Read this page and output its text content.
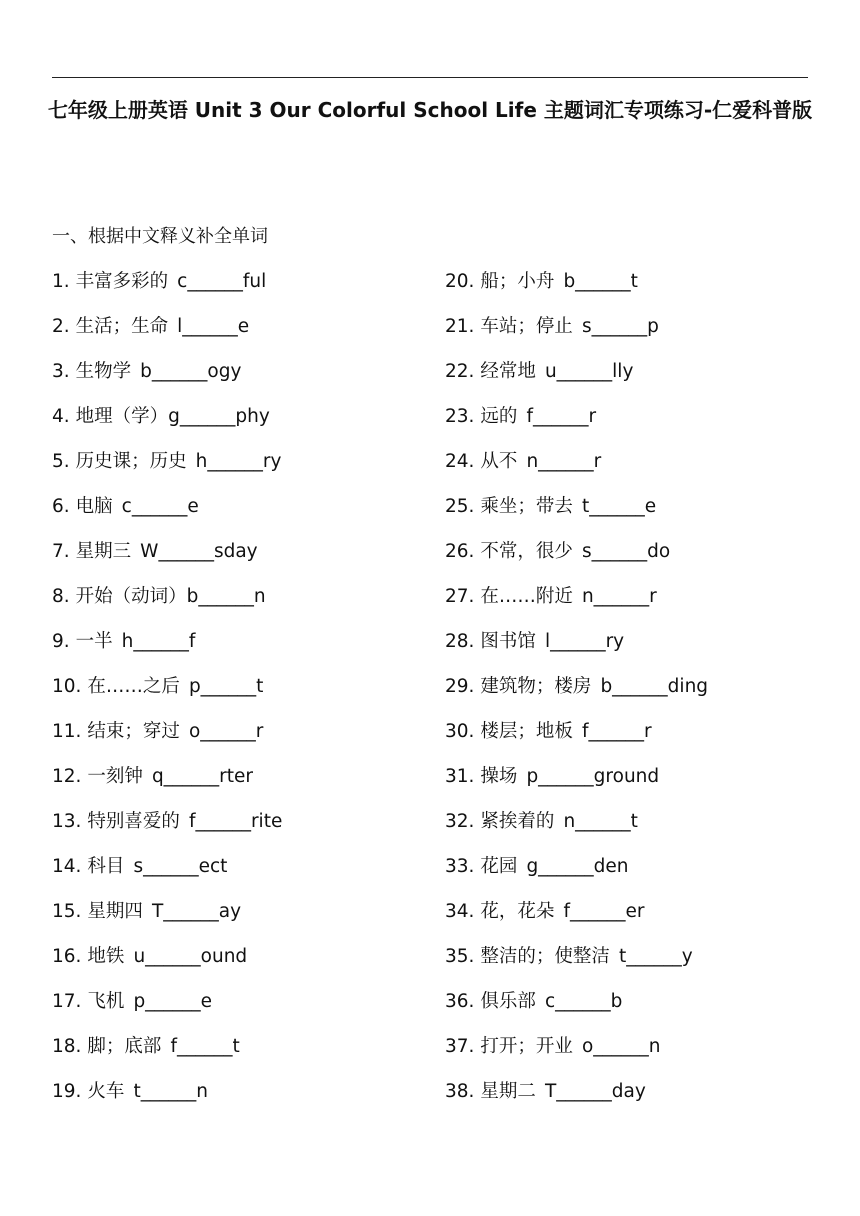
七年级上册英语 Unit 3 Our Colorful School Life 主题词汇专项练习-仁爱科普版
一、根据中文释义补全单词
1. 丰富多彩的 c______ful
2. 生活；生命 l______e
3. 生物学 b______ogy
4. 地理（学）g______phy
5. 历史课；历史 h______ry
6. 电脑 c______e
7. 星期三 W______sday
8. 开始（动词）b______n
9. 一半 h______f
10. 在……之后 p______t
11. 结束；穿过 o______r
12. 一刻钟 q______rter
13. 特别喜爱的 f______rite
14. 科目 s______ect
15. 星期四 T______ay
16. 地铁 u______ound
17. 飞机 p______e
18. 脚；底部 f______t
19. 火车 t______n
20. 船；小舟 b______t
21. 车站；停止 s______p
22. 经常地 u______lly
23. 远的 f______r
24. 从不 n______r
25. 乘坐；带去 t______e
26. 不常，很少 s______do
27. 在……附近 n______r
28. 图书馆 l______ry
29. 建筑物；楼房 b______ding
30. 楼层；地板 f______r
31. 操场 p______ground
32. 紧挨着的 n______t
33. 花园 g______den
34. 花，花朵 f______er
35. 整洁的；使整洁 t______y
36. 俱乐部 c______b
37. 打开；开业 o______n
38. 星期二 T______day
